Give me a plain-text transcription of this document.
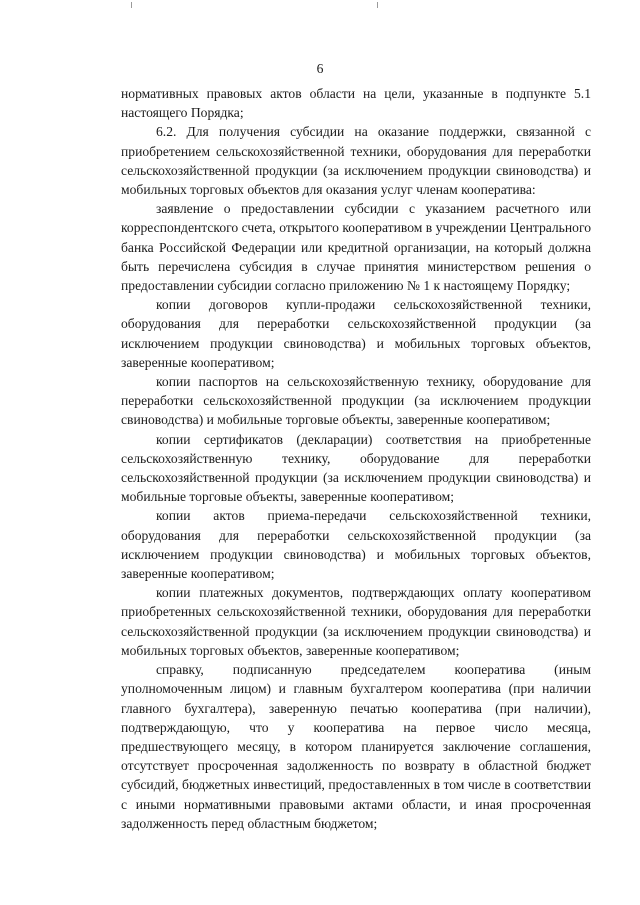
6

нормативных правовых актов области на цели, указанные в подпункте 5.1 настоящего Порядка;

6.2. Для получения субсидии на оказание поддержки, связанной с приобретением сельскохозяйственной техники, оборудования для переработки сельскохозяйственной продукции (за исключением продукции свиноводства) и мобильных торговых объектов для оказания услуг членам кооператива:

заявление о предоставлении субсидии с указанием расчетного или корреспондентского счета, открытого кооперативом в учреждении Центрального банка Российской Федерации или кредитной организации, на который должна быть перечислена субсидия в случае принятия министерством решения о предоставлении субсидии согласно приложению № 1 к настоящему Порядку;

копии договоров купли-продажи сельскохозяйственной техники, оборудования для переработки сельскохозяйственной продукции (за исключением продукции свиноводства) и мобильных торговых объектов, заверенные кооперативом;

копии паспортов на сельскохозяйственную технику, оборудование для переработки сельскохозяйственной продукции (за исключением продукции свиноводства) и мобильные торговые объекты, заверенные кооперативом;

копии сертификатов (декларации) соответствия на приобретенные сельскохозяйственную технику, оборудование для переработки сельскохозяйственной продукции (за исключением продукции свиноводства) и мобильные торговые объекты, заверенные кооперативом;

копии актов приема-передачи сельскохозяйственной техники, оборудования для переработки сельскохозяйственной продукции (за исключением продукции свиноводства) и мобильных торговых объектов, заверенные кооперативом;

копии платежных документов, подтверждающих оплату кооперативом приобретенных сельскохозяйственной техники, оборудования для переработки сельскохозяйственной продукции (за исключением продукции свиноводства) и мобильных торговых объектов, заверенные кооперативом;

справку, подписанную председателем кооператива (иным уполномоченным лицом) и главным бухгалтером кооператива (при наличии главного бухгалтера), заверенную печатью кооператива (при наличии), подтверждающую, что у кооператива на первое число месяца, предшествующего месяцу, в котором планируется заключение соглашения, отсутствует просроченная задолженность по возврату в областной бюджет субсидий, бюджетных инвестиций, предоставленных в том числе в соответствии с иными нормативными правовыми актами области, и иная просроченная задолженность перед областным бюджетом;
